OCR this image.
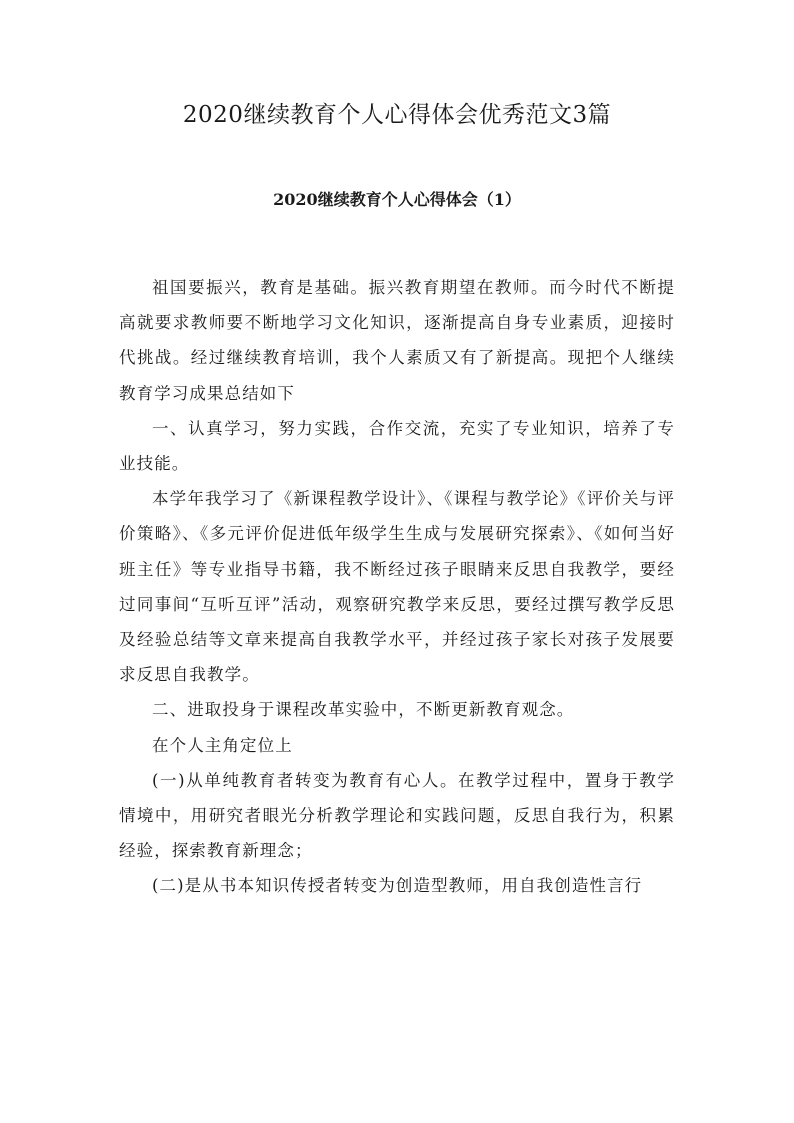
2020继续教育个人心得体会优秀范文3篇
2020继续教育个人心得体会（1）

祖国要振兴，教育是基础。振兴教育期望在教师。而今时代不断提高就要求教师要不断地学习文化知识，逐渐提高自身专业素质，迎接时代挑战。经过继续教育培训，我个人素质又有了新提高。现把个人继续教育学习成果总结如下

一、认真学习，努力实践，合作交流，充实了专业知识，培养了专业技能。

本学年我学习了《新课程教学设计》、《课程与教学论》《评价关与评价策略》、《多元评价促进低年级学生生成与发展研究探索》、《如何当好班主任》等专业指导书籍，我不断经过孩子眼睛来反思自我教学，要经过同事间“互听互评”活动，观察研究教学来反思，要经过撰写教学反思及经验总结等文章来提高自我教学水平，并经过孩子家长对孩子发展要求反思自我教学。

二、进取投身于课程改革实验中，不断更新教育观念。

在个人主角定位上

(一)从单纯教育者转变为教育有心人。在教学过程中，置身于教学情境中，用研究者眼光分析教学理论和实践问题，反思自我行为，积累经验，探索教育新理念；

(二)是从书本知识传授者转变为创造型教师，用自我创造性言行
